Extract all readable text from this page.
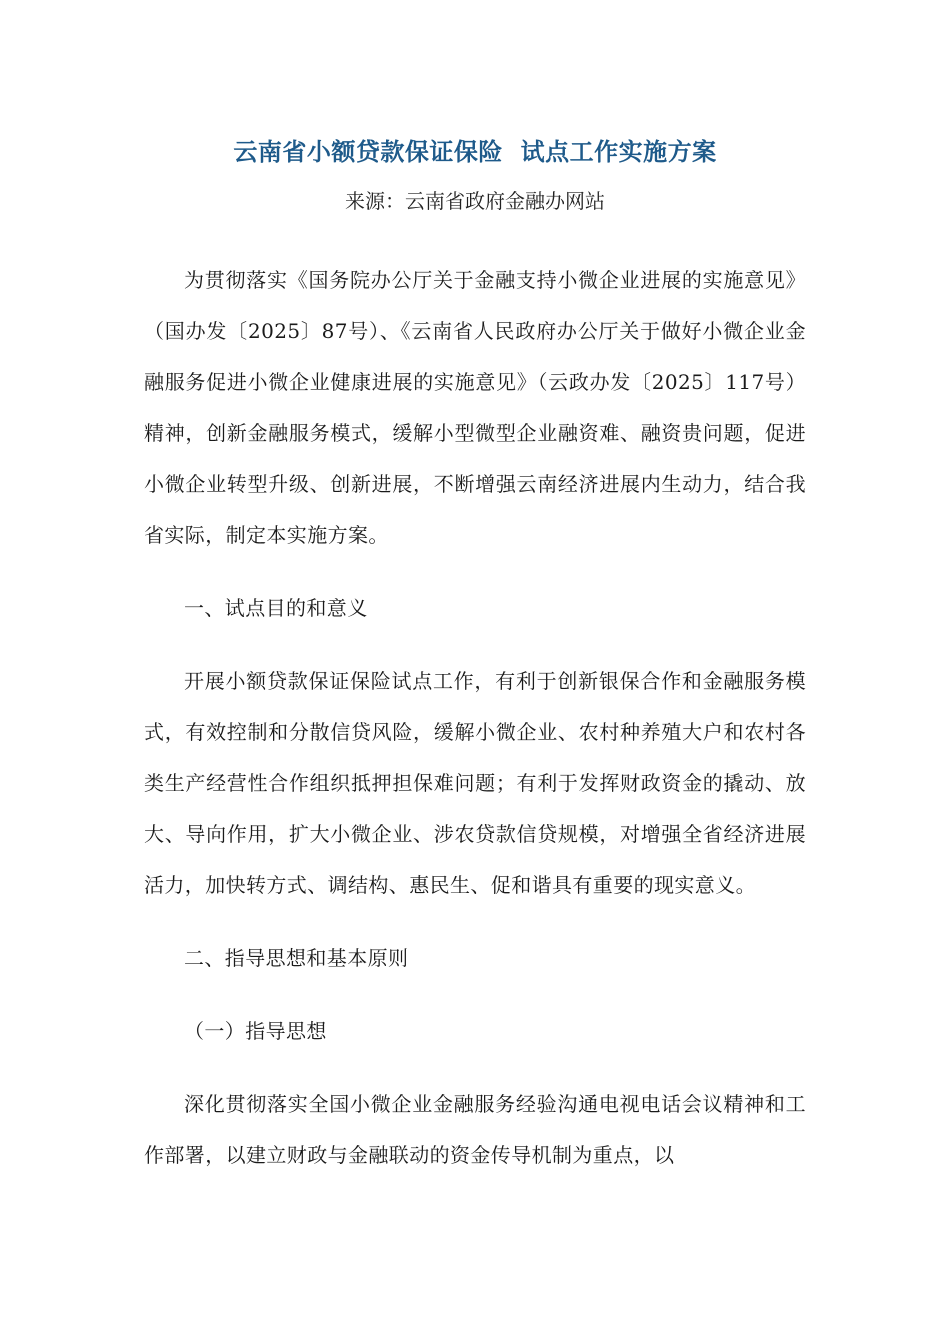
云南省小额贷款保证保险  试点工作实施方案
来源：云南省政府金融办网站

为贯彻落实《国务院办公厅关于金融支持小微企业进展的实施意见》（国办发〔2025〕87号）、《云南省人民政府办公厅关于做好小微企业金融服务促进小微企业健康进展的实施意见》（云政办发〔2025〕117号）精神，创新金融服务模式，缓解小型微型企业融资难、融资贵问题，促进小微企业转型升级、创新进展，不断增强云南经济进展内生动力，结合我省实际，制定本实施方案。

一、试点目的和意义

开展小额贷款保证保险试点工作，有利于创新银保合作和金融服务模式，有效控制和分散信贷风险，缓解小微企业、农村种养殖大户和农村各类生产经营性合作组织抵押担保难问题；有利于发挥财政资金的撬动、放大、导向作用，扩大小微企业、涉农贷款信贷规模，对增强全省经济进展活力，加快转方式、调结构、惠民生、促和谐具有重要的现实意义。

二、指导思想和基本原则

（一）指导思想

深化贯彻落实全国小微企业金融服务经验沟通电视电话会议精神和工作部署，以建立财政与金融联动的资金传导机制为重点，以
